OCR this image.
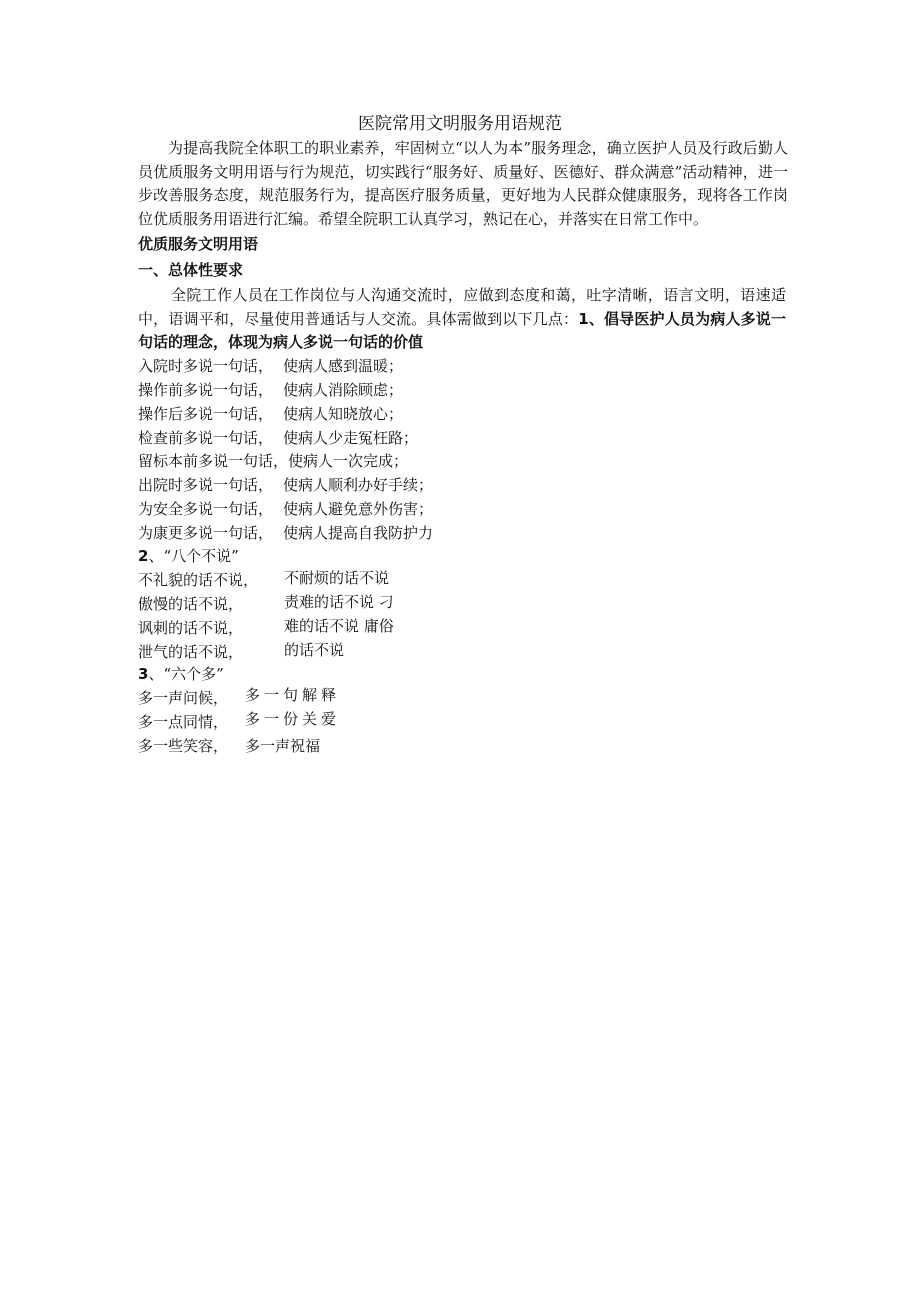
医院常用文明服务用语规范
为提高我院全体职工的职业素养，牢固树立“以人为本”服务理念，确立医护人员及行政后勤人员优质服务文明用语与行为规范，切实践行“服务好、质量好、医德好、群众满意”活动精神，进一步改善服务态度，规范服务行为，提高医疗服务质量，更好地为人民群众健康服务，现将各工作岗位优质服务用语进行汇编。希望全院职工认真学习，熟记在心，并落实在日常工作中。
优质服务文明用语
一、总体性要求
全院工作人员在工作岗位与人沟通交流时，应做到态度和蔼，吐字清晰，语言文明，语速适中，语调平和，尽量使用普通话与人交流。具体需做到以下几点：1、倡导医护人员为病人多说一句话的理念，体现为病人多说一句话的价值
入院时多说一句话， 使病人感到温暖；
操作前多说一句话， 使病人消除顾虑；
操作后多说一句话， 使病人知晓放心；
检查前多说一句话， 使病人少走冤枉路；
留标本前多说一句话，使病人一次完成；
出院时多说一句话， 使病人顺利办好手续；
为安全多说一句话， 使病人避免意外伤害；
为康更多说一句话， 使病人提高自我防护力
2、“八个不说”
不礼貌的话不说， 不耐烦的话不说
傲慢的话不说，	责难的话不说 刁
讽刺的话不说，	难的话不说 庸俗
泄气的话不说，	的话不说
3、“六个多”
多一声问候， 多一句解释
多一点同情， 多一份关爱
多一些笑容， 多一声祝福
